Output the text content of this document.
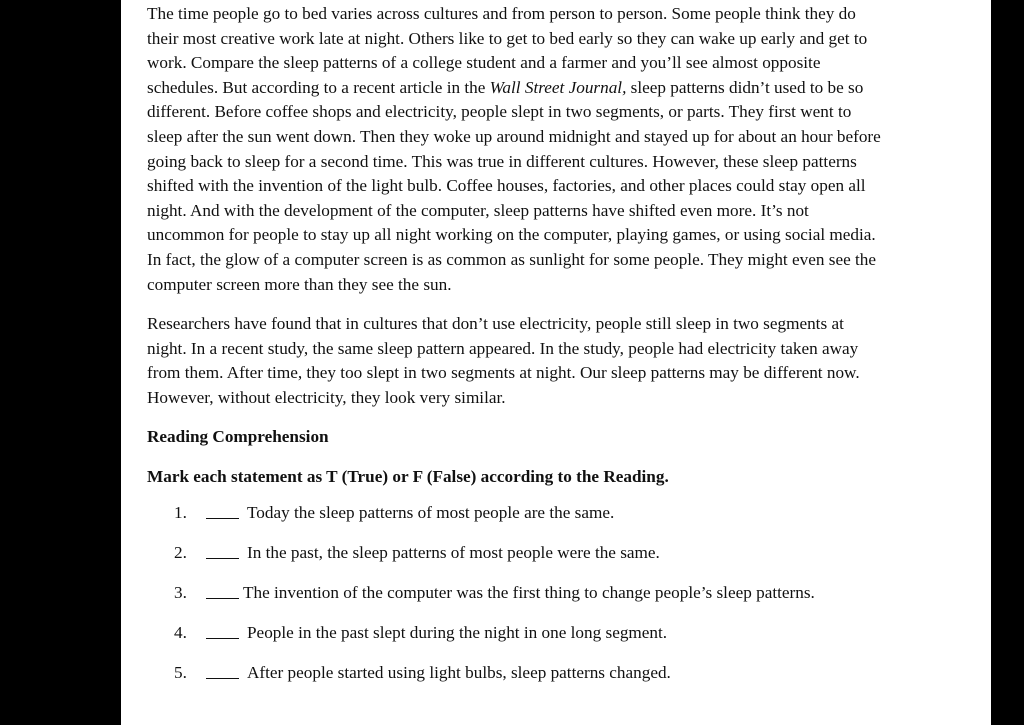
The time people go to bed varies across cultures and from person to person. Some people think they do their most creative work late at night. Others like to get to bed early so they can wake up early and get to work. Compare the sleep patterns of a college student and a farmer and you’ll see almost opposite schedules. But according to a recent article in the Wall Street Journal, sleep patterns didn’t used to be so different. Before coffee shops and electricity, people slept in two segments, or parts. They first went to sleep after the sun went down. Then they woke up around midnight and stayed up for about an hour before going back to sleep for a second time. This was true in different cultures. However, these sleep patterns shifted with the invention of the light bulb. Coffee houses, factories, and other places could stay open all night. And with the development of the computer, sleep patterns have shifted even more. It’s not uncommon for people to stay up all night working on the computer, playing games, or using social media. In fact, the glow of a computer screen is as common as sunlight for some people. They might even see the computer screen more than they see the sun.

Researchers have found that in cultures that don’t use electricity, people still sleep in two segments at night. In a recent study, the same sleep pattern appeared. In the study, people had electricity taken away from them. After time, they too slept in two segments at night. Our sleep patterns may be different now. However, without electricity, they look very similar.

Reading Comprehension

Mark each statement as T (True) or F (False) according to the Reading.

1.	Today the sleep patterns of most people are the same.
2.	In the past, the sleep patterns of most people were the same.
3.	The invention of the computer was the first thing to change people’s sleep patterns.
4.	People in the past slept during the night in one long segment.
5.	After people started using light bulbs, sleep patterns changed.
